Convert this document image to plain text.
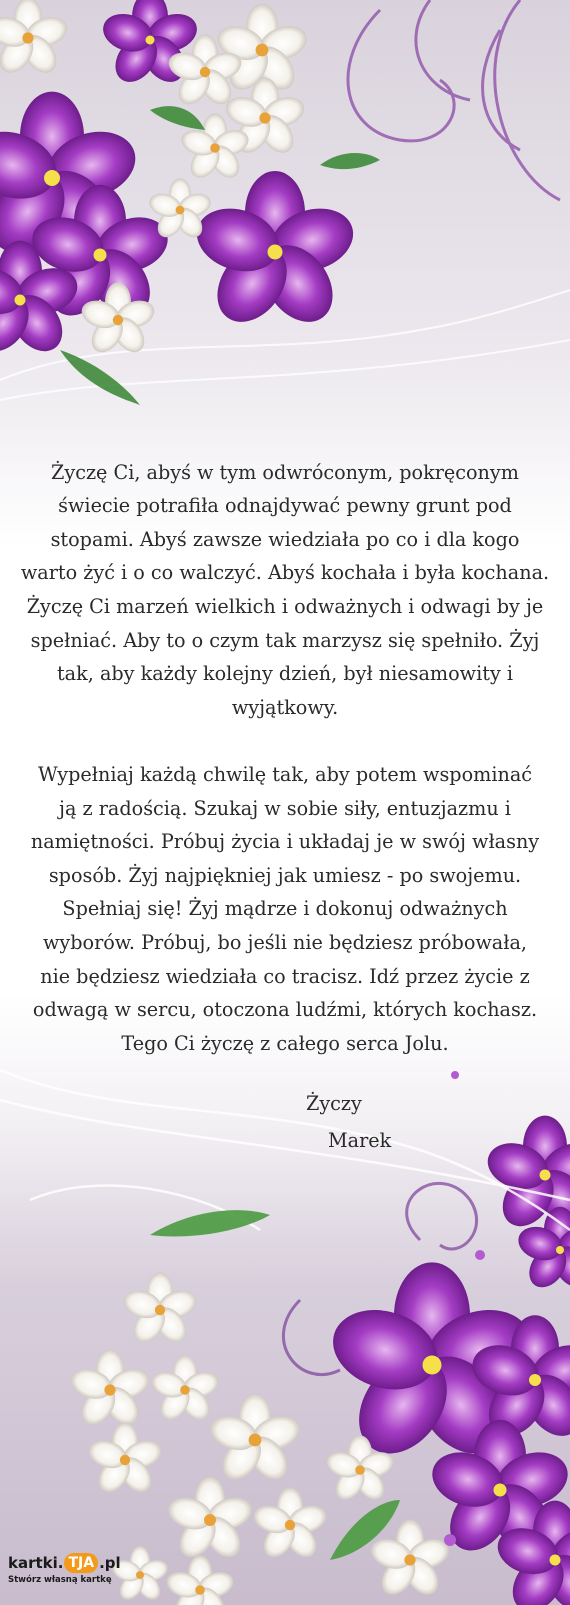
Życzę Ci, abyś w tym odwróconym, pokręconym
świecie potrafiła odnajdywać pewny grunt pod
stopami. Abyś zawsze wiedziała po co i dla kogo
warto żyć i o co walczyć. Abyś kochała i była kochana.
Życzę Ci marzeń wielkich i odważnych i odwagi by je
spełniać. Aby to o czym tak marzysz się spełniło. Żyj
tak, aby każdy kolejny dzień, był niesamowity i
wyjątkowy.

Wypełniaj każdą chwilę tak, aby potem wspominać
ją z radością. Szukaj w sobie siły, entuzjazmu i
namiętności. Próbuj życia i układaj je w swój własny
sposób. Żyj najpiękniej jak umiesz - po swojemu.
Spełniaj się! Żyj mądrze i dokonuj odważnych
wyborów. Próbuj, bo jeśli nie będziesz próbowała,
nie będziesz wiedziała co tracisz. Idź przez życie z
odwagą w sercu, otoczona ludźmi, których kochasz.
Tego Ci życzę z całego serca Jolu.

Życzy
Marek
kartki. TJA .pl
Stwórz własną kartkę
